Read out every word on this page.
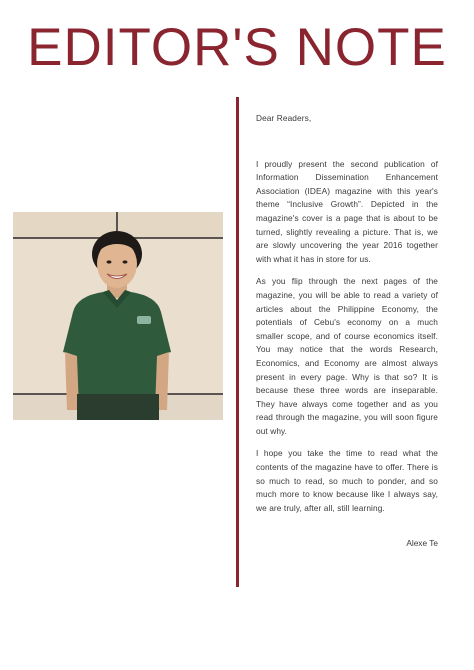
EDITOR'S NOTE

Dear Readers,

I proudly present the second publication of Information Dissemination Enhancement Association (IDEA) magazine with this year's theme “Inclusive Growth”. Depicted in the magazine's cover is a page that is about to be turned, slightly revealing a picture. That is, we are slowly uncovering the year 2016 together with what it has in store for us.

As you flip through the next pages of the magazine, you will be able to read a variety of articles about the Philippine Economy, the potentials of Cebu's economy on a much smaller scope, and of course economics itself. You may notice that the words Research, Economics, and Economy are almost always present in every page. Why is that so? It is because these three words are inseparable. They have always come together and as you read through the magazine, you will soon figure out why.

I hope you take the time to read what the contents of the magazine have to offer. There is so much to read, so much to ponder, and so much more to know because like I always say, we are truly, after all, still learning.

Alexe Te
